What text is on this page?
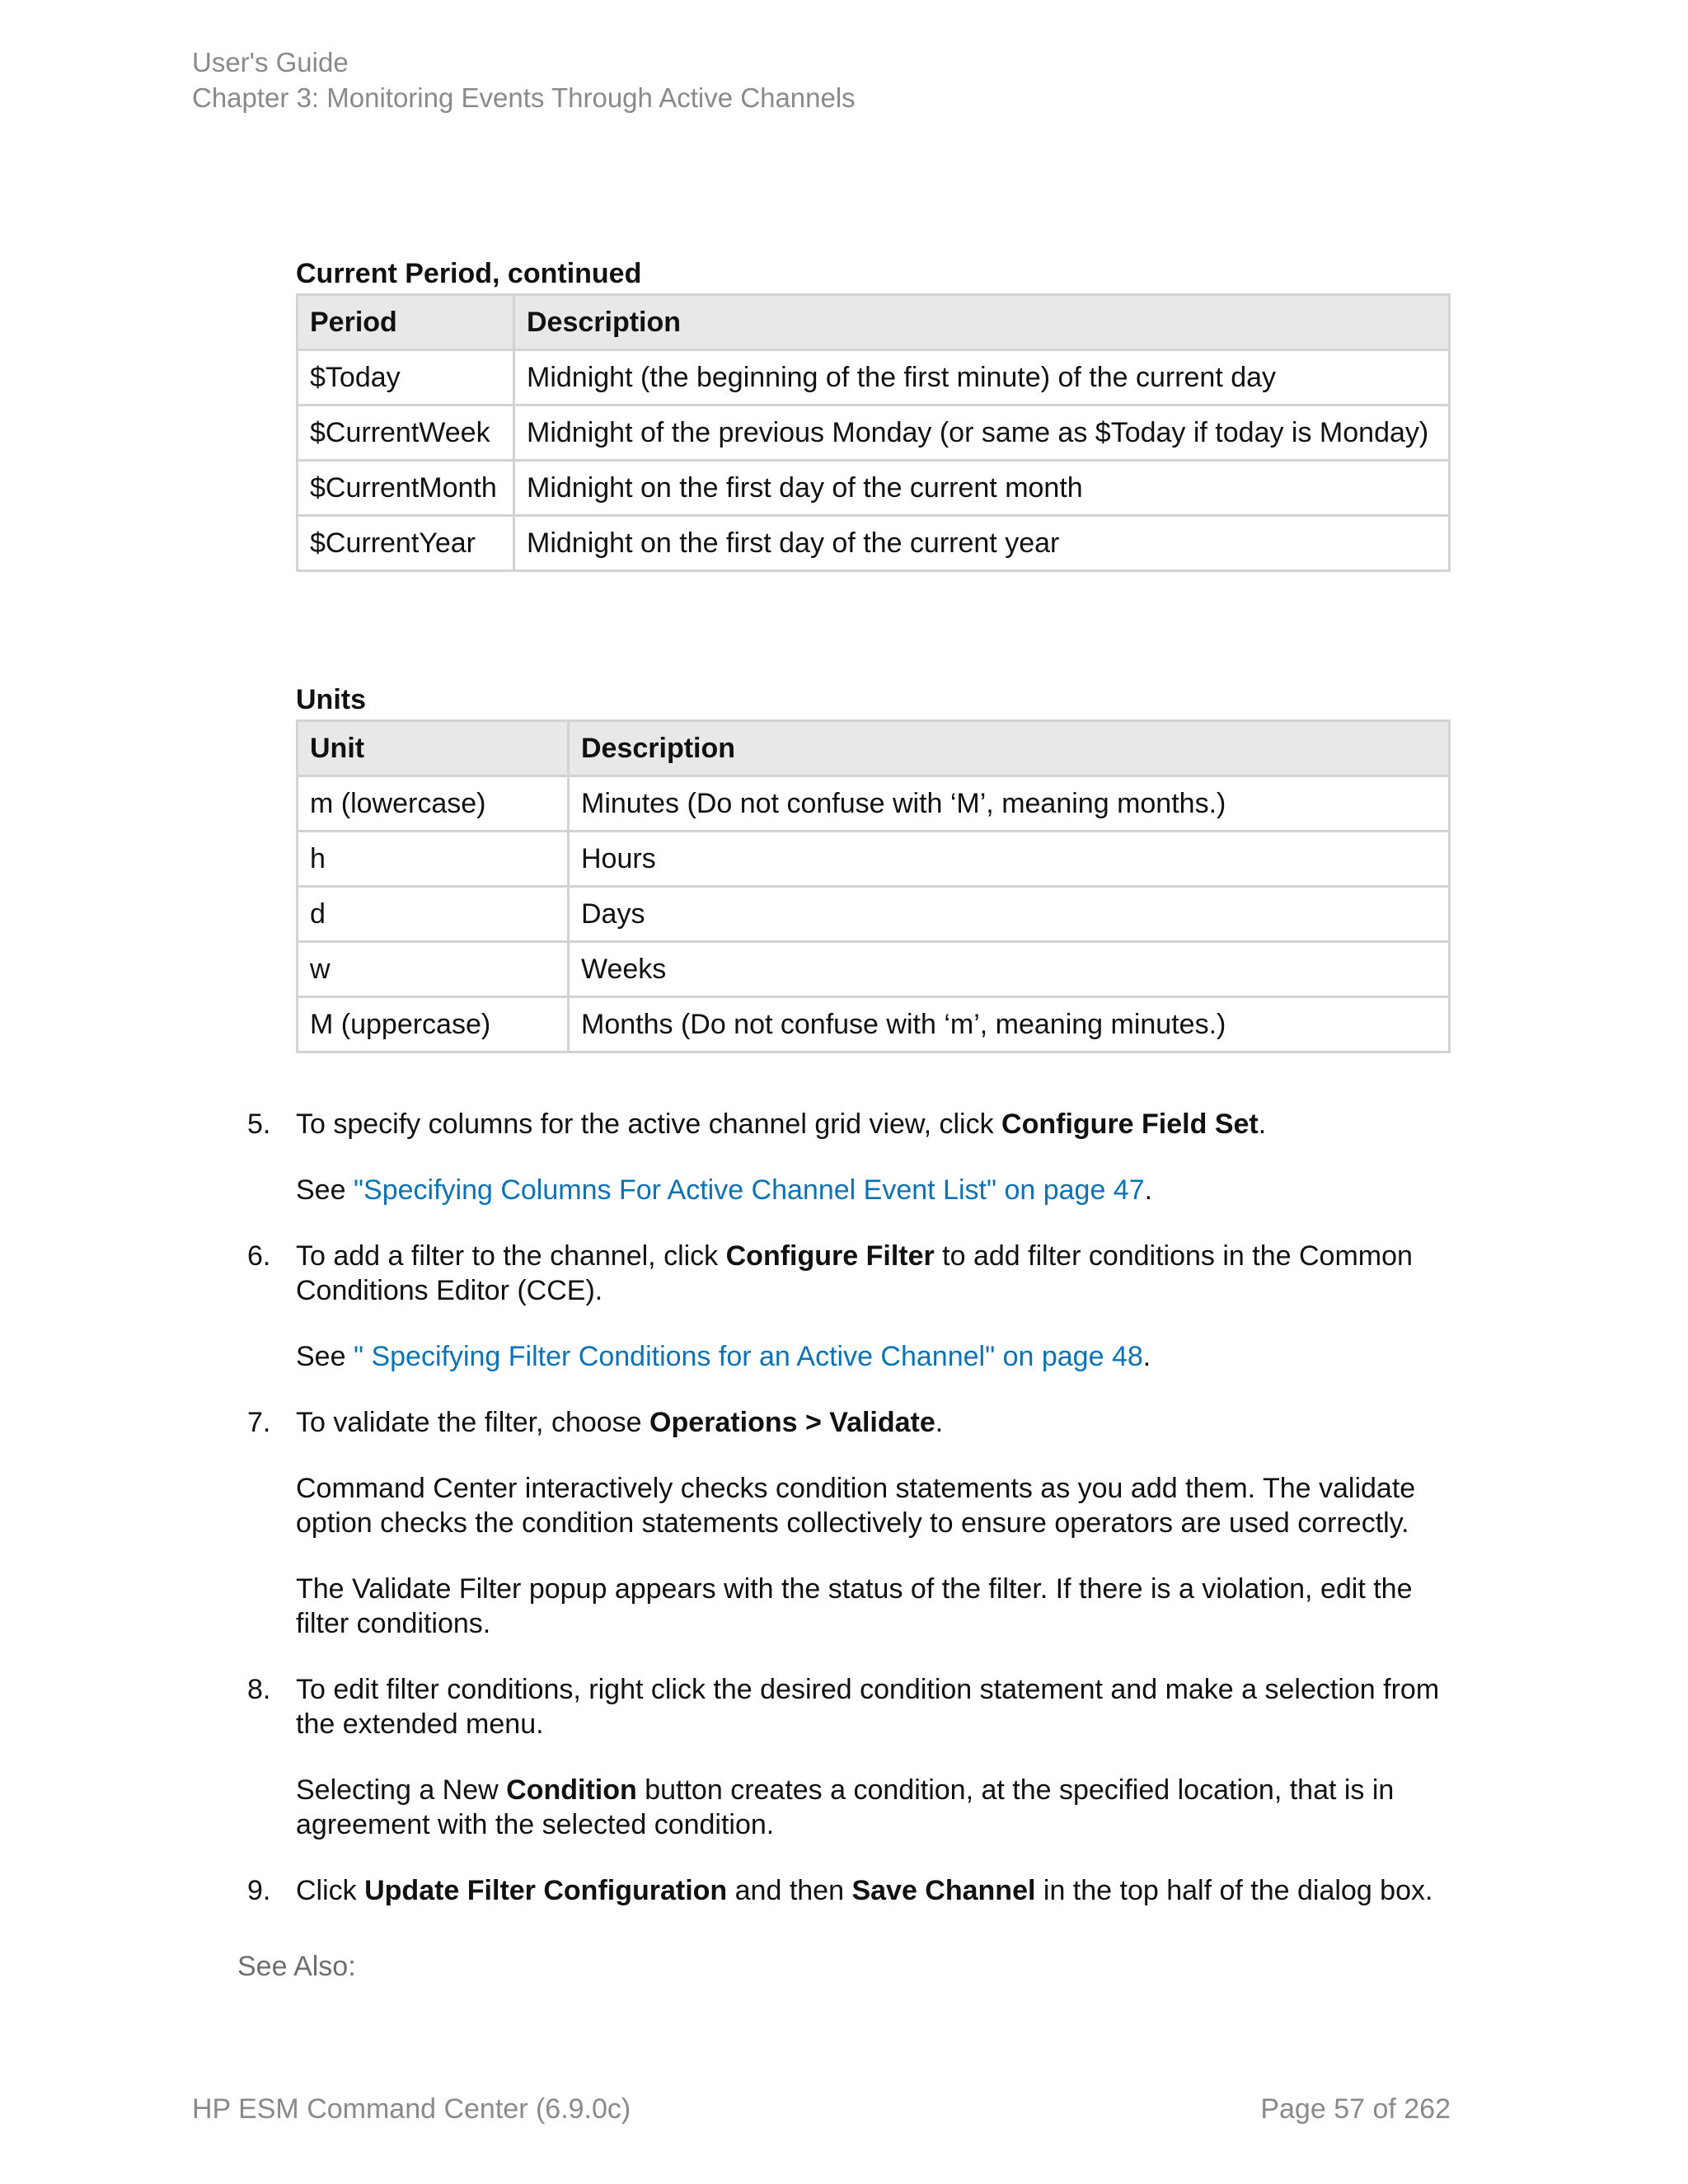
User's Guide
Chapter 3: Monitoring Events Through Active Channels
Current Period, continued
Period	Description
$Today	Midnight (the beginning of the first minute) of the current day
$CurrentWeek	Midnight of the previous Monday (or same as $Today if today is Monday)
$CurrentMonth	Midnight on the first day of the current month
$CurrentYear	Midnight on the first day of the current year
Units
Unit	Description
m (lowercase)	Minutes (Do not confuse with ‘M’, meaning months.)
h	Hours
d	Days
w	Weeks
M (uppercase)	Months (Do not confuse with ‘m’, meaning minutes.)
5. To specify columns for the active channel grid view, click Configure Field Set.

See "Specifying Columns For Active Channel Event List" on page 47.

6. To add a filter to the channel, click Configure Filter to add filter conditions in the Common Conditions Editor (CCE).

See " Specifying Filter Conditions for an Active Channel" on page 48.

7. To validate the filter, choose Operations > Validate.

Command Center interactively checks condition statements as you add them. The validate option checks the condition statements collectively to ensure operators are used correctly.

The Validate Filter popup appears with the status of the filter. If there is a violation, edit the filter conditions.

8. To edit filter conditions, right click the desired condition statement and make a selection from the extended menu.

Selecting a New Condition button creates a condition, at the specified location, that is in agreement with the selected condition.

9. Click Update Filter Configuration and then Save Channel in the top half of the dialog box.

See Also:
HP ESM Command Center (6.9.0c)	Page 57 of 262
